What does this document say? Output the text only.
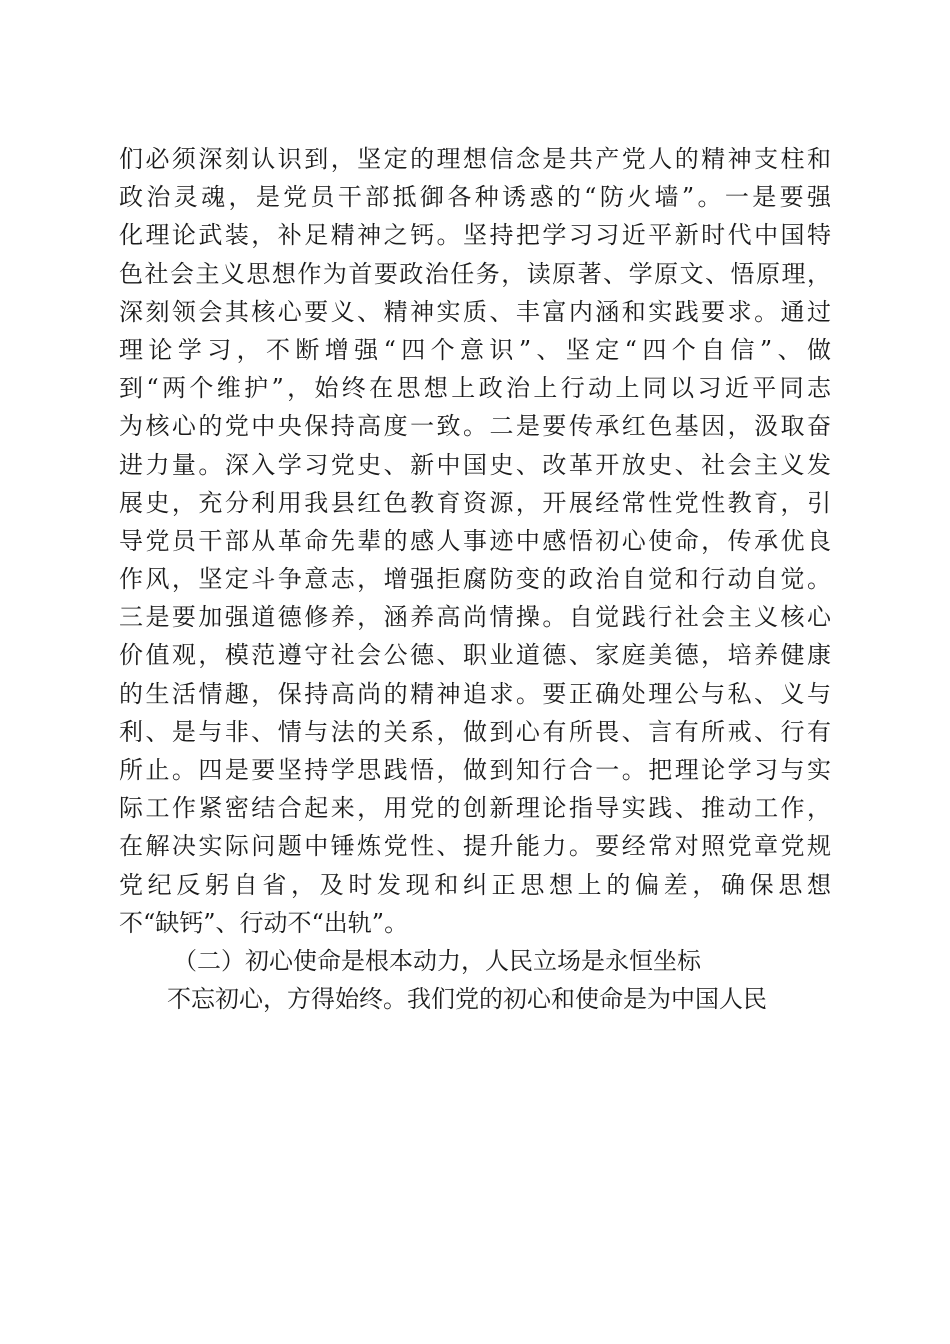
们必须深刻认识到，坚定的理想信念是共产党人的精神支柱和
政治灵魂，是党员干部抵御各种诱惑的“防火墙”。一是要强
化理论武装，补足精神之钙。坚持把学习习近平新时代中国特
色社会主义思想作为首要政治任务，读原著、学原文、悟原理，
深刻领会其核心要义、精神实质、丰富内涵和实践要求。通过
理论学习，不断增强“四个意识”、坚定“四个自信”、做
到“两个维护”，始终在思想上政治上行动上同以习近平同志
为核心的党中央保持高度一致。二是要传承红色基因，汲取奋
进力量。深入学习党史、新中国史、改革开放史、社会主义发
展史，充分利用我县红色教育资源，开展经常性党性教育，引
导党员干部从革命先辈的感人事迹中感悟初心使命，传承优良
作风，坚定斗争意志，增强拒腐防变的政治自觉和行动自觉。
三是要加强道德修养，涵养高尚情操。自觉践行社会主义核心
价值观，模范遵守社会公德、职业道德、家庭美德，培养健康
的生活情趣，保持高尚的精神追求。要正确处理公与私、义与
利、是与非、情与法的关系，做到心有所畏、言有所戒、行有
所止。四是要坚持学思践悟，做到知行合一。把理论学习与实
际工作紧密结合起来，用党的创新理论指导实践、推动工作，
在解决实际问题中锤炼党性、提升能力。要经常对照党章党规
党纪反躬自省，及时发现和纠正思想上的偏差，确保思想
不“缺钙”、行动不“出轨”。
（二）初心使命是根本动力，人民立场是永恒坐标
不忘初心，方得始终。我们党的初心和使命是为中国人民
